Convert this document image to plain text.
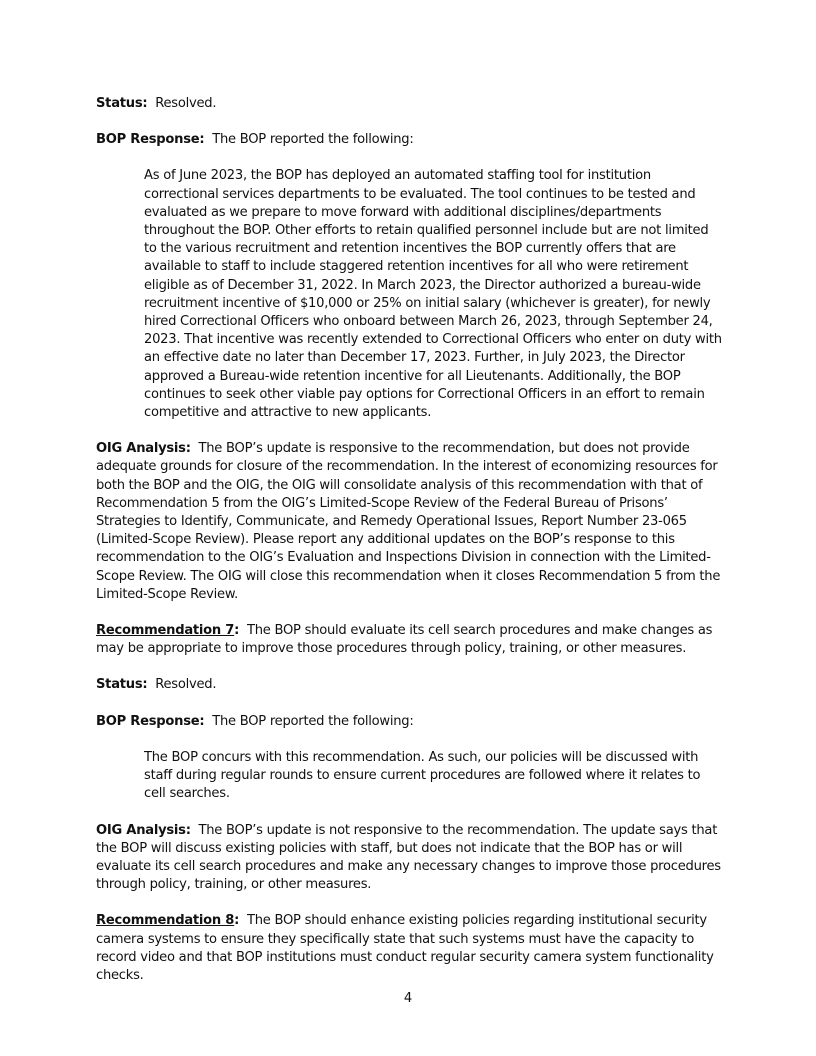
Status: Resolved.

BOP Response: The BOP reported the following:

As of June 2023, the BOP has deployed an automated staffing tool for institution correctional services departments to be evaluated. The tool continues to be tested and evaluated as we prepare to move forward with additional disciplines/departments throughout the BOP. Other efforts to retain qualified personnel include but are not limited to the various recruitment and retention incentives the BOP currently offers that are available to staff to include staggered retention incentives for all who were retirement eligible as of December 31, 2022. In March 2023, the Director authorized a bureau-wide recruitment incentive of $10,000 or 25% on initial salary (whichever is greater), for newly hired Correctional Officers who onboard between March 26, 2023, through September 24, 2023. That incentive was recently extended to Correctional Officers who enter on duty with an effective date no later than December 17, 2023. Further, in July 2023, the Director approved a Bureau-wide retention incentive for all Lieutenants. Additionally, the BOP continues to seek other viable pay options for Correctional Officers in an effort to remain competitive and attractive to new applicants.

OIG Analysis: The BOP’s update is responsive to the recommendation, but does not provide adequate grounds for closure of the recommendation. In the interest of economizing resources for both the BOP and the OIG, the OIG will consolidate analysis of this recommendation with that of Recommendation 5 from the OIG’s Limited-Scope Review of the Federal Bureau of Prisons’ Strategies to Identify, Communicate, and Remedy Operational Issues, Report Number 23-065 (Limited-Scope Review). Please report any additional updates on the BOP’s response to this recommendation to the OIG’s Evaluation and Inspections Division in connection with the Limited-Scope Review. The OIG will close this recommendation when it closes Recommendation 5 from the Limited-Scope Review.

Recommendation 7: The BOP should evaluate its cell search procedures and make changes as may be appropriate to improve those procedures through policy, training, or other measures.

Status: Resolved.

BOP Response: The BOP reported the following:

The BOP concurs with this recommendation. As such, our policies will be discussed with staff during regular rounds to ensure current procedures are followed where it relates to cell searches.

OIG Analysis: The BOP’s update is not responsive to the recommendation. The update says that the BOP will discuss existing policies with staff, but does not indicate that the BOP has or will evaluate its cell search procedures and make any necessary changes to improve those procedures through policy, training, or other measures.

Recommendation 8: The BOP should enhance existing policies regarding institutional security camera systems to ensure they specifically state that such systems must have the capacity to record video and that BOP institutions must conduct regular security camera system functionality checks.

4
